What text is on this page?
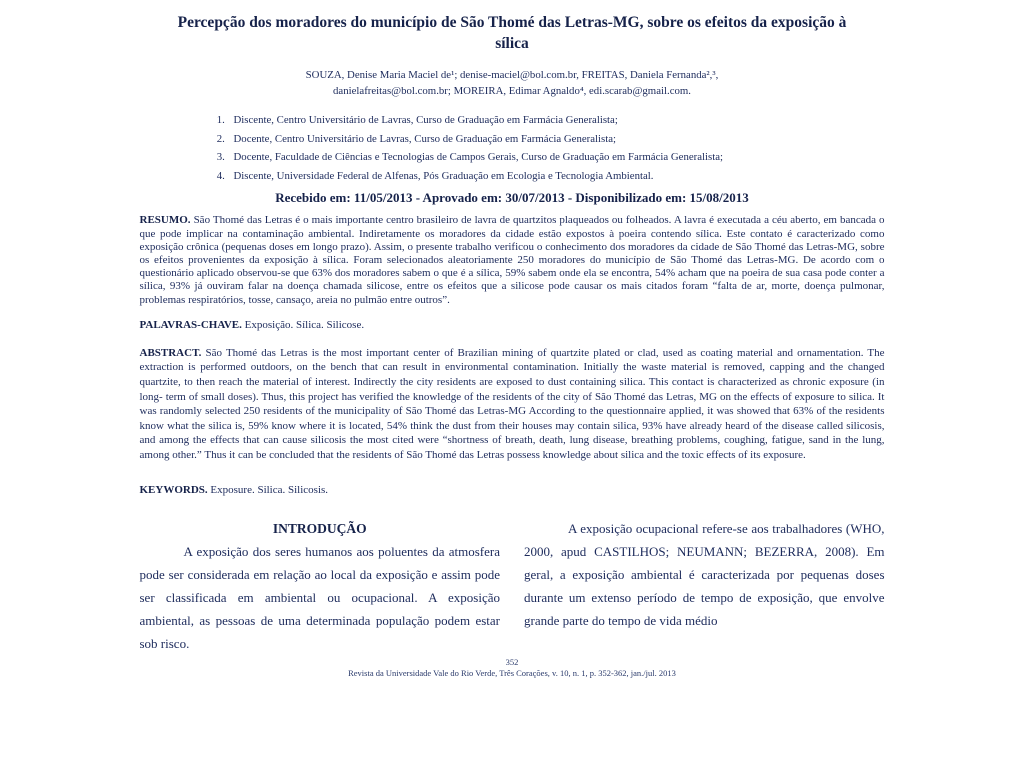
Percepção dos moradores do município de São Thomé das Letras-MG, sobre os efeitos da exposição à sílica
SOUZA, Denise Maria Maciel de¹; denise-maciel@bol.com.br, FREITAS, Daniela Fernanda²,³,
danielafreitas@bol.com.br; MOREIRA, Edimar Agnaldo⁴, edi.scarab@gmail.com.
1. Discente, Centro Universitário de Lavras, Curso de Graduação em Farmácia Generalista;
2. Docente, Centro Universitário de Lavras, Curso de Graduação em Farmácia Generalista;
3. Docente, Faculdade de Ciências e Tecnologias de Campos Gerais, Curso de Graduação em Farmácia Generalista;
4. Discente, Universidade Federal de Alfenas, Pós Graduação em Ecologia e Tecnologia Ambiental.
Recebido em: 11/05/2013 - Aprovado em: 30/07/2013 - Disponibilizado em: 15/08/2013

RESUMO. São Thomé das Letras é o mais importante centro brasileiro de lavra de quartzitos plaqueados ou folheados. A lavra é executada a céu aberto, em bancada o que pode implicar na contaminação ambiental. Indiretamente os moradores da cidade estão expostos à poeira contendo sílica. Este contato é caracterizado como exposição crônica (pequenas doses em longo prazo). Assim, o presente trabalho verificou o conhecimento dos moradores da cidade de São Thomé das Letras-MG, sobre os efeitos provenientes da exposição à sílica. Foram selecionados aleatoriamente 250 moradores do município de São Thomé das Letras-MG. De acordo com o questionário aplicado observou-se que 63% dos moradores sabem o que é a sílica, 59% sabem onde ela se encontra, 54% acham que na poeira de sua casa pode conter a sílica, 93% já ouviram falar na doença chamada silicose, entre os efeitos que a silicose pode causar os mais citados foram “falta de ar, morte, doença pulmonar, problemas respiratórios, tosse, cansaço, areia no pulmão entre outros”.

PALAVRAS-CHAVE. Exposição. Sílica. Silicose.

ABSTRACT. São Thomé das Letras is the most important center of Brazilian mining of quartzite plated or clad, used as coating material and ornamentation. The extraction is performed outdoors, on the bench that can result in environmental contamination. Initially the waste material is removed, capping and the changed quartzite, to then reach the material of interest. Indirectly the city residents are exposed to dust containing silica. This contact is characterized as chronic exposure (in long- term of small doses). Thus, this project has verified the knowledge of the residents of the city of São Thomé das Letras, MG on the effects of exposure to silica. It was randomly selected 250 residents of the municipality of São Thomé das Letras-MG According to the questionnaire applied, it was showed that 63% of the residents know what the silica is, 59% know where it is located, 54% think the dust from their houses may contain silica, 93% have already heard of the disease called silicosis, and among the effects that can cause silicosis the most cited were “shortness of breath, death, lung disease, breathing problems, coughing, fatigue, sand in the lung, among other.” Thus it can be concluded that the residents of São Thomé das Letras possess knowledge about silica and the toxic effects of its exposure.

KEYWORDS. Exposure. Silica. Silicosis.

INTRODUÇÃO

A exposição dos seres humanos aos poluentes da atmosfera pode ser considerada em relação ao local da exposição e assim pode ser classificada em ambiental ou ocupacional. A exposição ambiental, as pessoas de uma determinada população podem estar sob risco.

A exposição ocupacional refere-se aos trabalhadores (WHO, 2000, apud CASTILHOS; NEUMANN; BEZERRA, 2008). Em geral, a exposição ambiental é caracterizada por pequenas doses durante um extenso período de tempo de exposição, que envolve grande parte do tempo de vida médio

352
Revista da Universidade Vale do Rio Verde, Três Corações, v. 10, n. 1, p. 352-362, jan./jul. 2013
